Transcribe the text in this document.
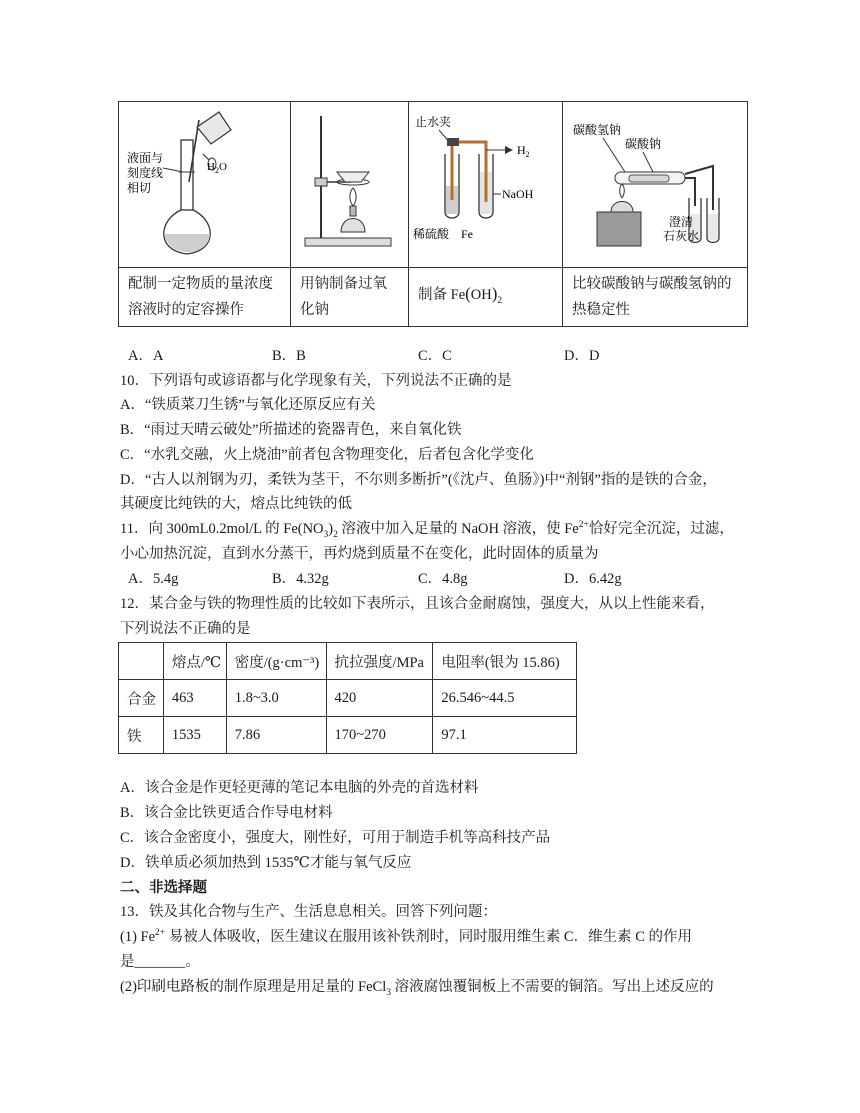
液面与
刻度线
相切
$H_2O$		止水夹
$H_2$
NaOH
稀硫酸 Fe	碳酸氢钠
碳酸钠
澄清
石灰水

配制一定物质的量浓度溶液时的定容操作	用钠制备过氧化钠	制备 $Fe(OH)_2$	比较碳酸钠与碳酸氢钠的热稳定性
A．A	B．B	C．C	D．D
10．下列语句或谚语都与化学现象有关，下列说法不正确的是
A．“铁质菜刀生锈”与氧化还原反应有关
B．“雨过天晴云破处”所描述的瓷器青色，来自氧化铁
C．“水乳交融，火上烧油”前者包含物理变化，后者包含化学变化
D．“古人以剂钢为刃，柔铁为茎干，不尔则多断折”(《沈卢、鱼肠》)中“剂钢”指的是铁的合金，
其硬度比纯铁的大，熔点比纯铁的低
11．向 300mL0.2mol/L 的 $Fe(NO_3)_2$ 溶液中加入足量的 NaOH 溶液，使 $Fe^{2+}$恰好完全沉淀，过滤，
小心加热沉淀，直到水分蒸干，再灼烧到质量不在变化，此时固体的质量为
A．5.4g	B．4.32g	C．4.8g	D．6.42g
12．某合金与铁的物理性质的比较如下表所示，且该合金耐腐蚀，强度大，从以上性能来看，
下列说法不正确的是
	熔点/℃	密度/(g·cm⁻³)	抗拉强度/MPa	电阻率(银为 15.86)
合金	463	1.8~3.0	420	26.546~44.5
铁	1535	7.86	170~270	97.1
A．该合金是作更轻更薄的笔记本电脑的外壳的首选材料
B．该合金比铁更适合作导电材料
C．该合金密度小，强度大，刚性好，可用于制造手机等高科技产品
D．铁单质必须加热到 1535℃才能与氧气反应
二、非选择题
13．铁及其化合物与生产、生活息息相关。回答下列问题：
(1) $Fe^{2+}$ 易被人体吸收，医生建议在服用该补铁剂时，同时服用维生素 C．维生素 C 的作用
是_______。
(2)印刷电路板的制作原理是用足量的 FeCl$_3$ 溶液腐蚀覆铜板上不需要的铜箔。写出上述反应的
